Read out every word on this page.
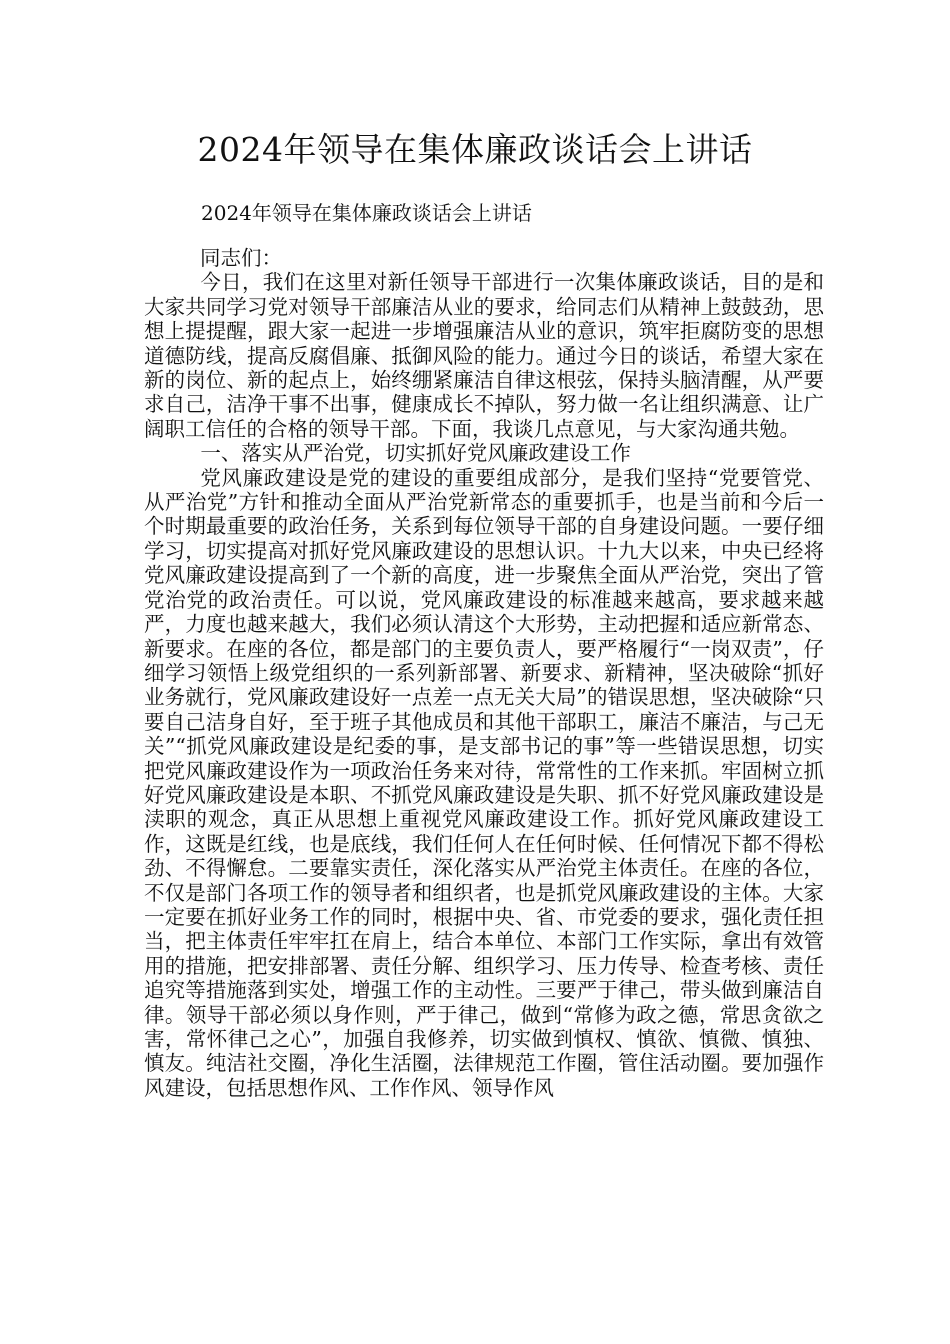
2024年领导在集体廉政谈话会上讲话

2024年领导在集体廉政谈话会上讲话

同志们：

今日，我们在这里对新任领导干部进行一次集体廉政谈话，目的是和大家共同学习党对领导干部廉洁从业的要求，给同志们从精神上鼓鼓劲，思想上提提醒，跟大家一起进一步增强廉洁从业的意识，筑牢拒腐防变的思想道德防线，提高反腐倡廉、抵御风险的能力。通过今日的谈话，希望大家在新的岗位、新的起点上，始终绷紧廉洁自律这根弦，保持头脑清醒，从严要求自己，洁净干事不出事，健康成长不掉队，努力做一名让组织满意、让广阔职工信任的合格的领导干部。下面，我谈几点意见，与大家沟通共勉。

一、落实从严治党，切实抓好党风廉政建设工作

党风廉政建设是党的建设的重要组成部分，是我们坚持“党要管党、从严治党”方针和推动全面从严治党新常态的重要抓手，也是当前和今后一个时期最重要的政治任务，关系到每位领导干部的自身建设问题。一要仔细学习，切实提高对抓好党风廉政建设的思想认识。十九大以来，中央已经将党风廉政建设提高到了一个新的高度，进一步聚焦全面从严治党，突出了管党治党的政治责任。可以说，党风廉政建设的标准越来越高，要求越来越严，力度也越来越大，我们必须认清这个大形势，主动把握和适应新常态、新要求。在座的各位，都是部门的主要负责人，要严格履行“一岗双责”，仔细学习领悟上级党组织的一系列新部署、新要求、新精神，坚决破除“抓好业务就行，党风廉政建设好一点差一点无关大局”的错误思想，坚决破除“只要自己洁身自好，至于班子其他成员和其他干部职工，廉洁不廉洁，与己无关”“抓党风廉政建设是纪委的事，是支部书记的事”等一些错误思想，切实把党风廉政建设作为一项政治任务来对待，常常性的工作来抓。牢固树立抓好党风廉政建设是本职、不抓党风廉政建设是失职、抓不好党风廉政建设是渎职的观念，真正从思想上重视党风廉政建设工作。抓好党风廉政建设工作，这既是红线，也是底线，我们任何人在任何时候、任何情况下都不得松劲、不得懈怠。二要靠实责任，深化落实从严治党主体责任。在座的各位，不仅是部门各项工作的领导者和组织者，也是抓党风廉政建设的主体。大家一定要在抓好业务工作的同时，根据中央、省、市党委的要求，强化责任担当，把主体责任牢牢扛在肩上，结合本单位、本部门工作实际，拿出有效管用的措施，把安排部署、责任分解、组织学习、压力传导、检查考核、责任追究等措施落到实处，增强工作的主动性。三要严于律己，带头做到廉洁自律。领导干部必须以身作则，严于律己，做到“常修为政之德，常思贪欲之害，常怀律己之心”，加强自我修养，切实做到慎权、慎欲、慎微、慎独、慎友。纯洁社交圈，净化生活圈，法律规范工作圈，管住活动圈。要加强作风建设，包括思想作风、工作作风、领导作风
